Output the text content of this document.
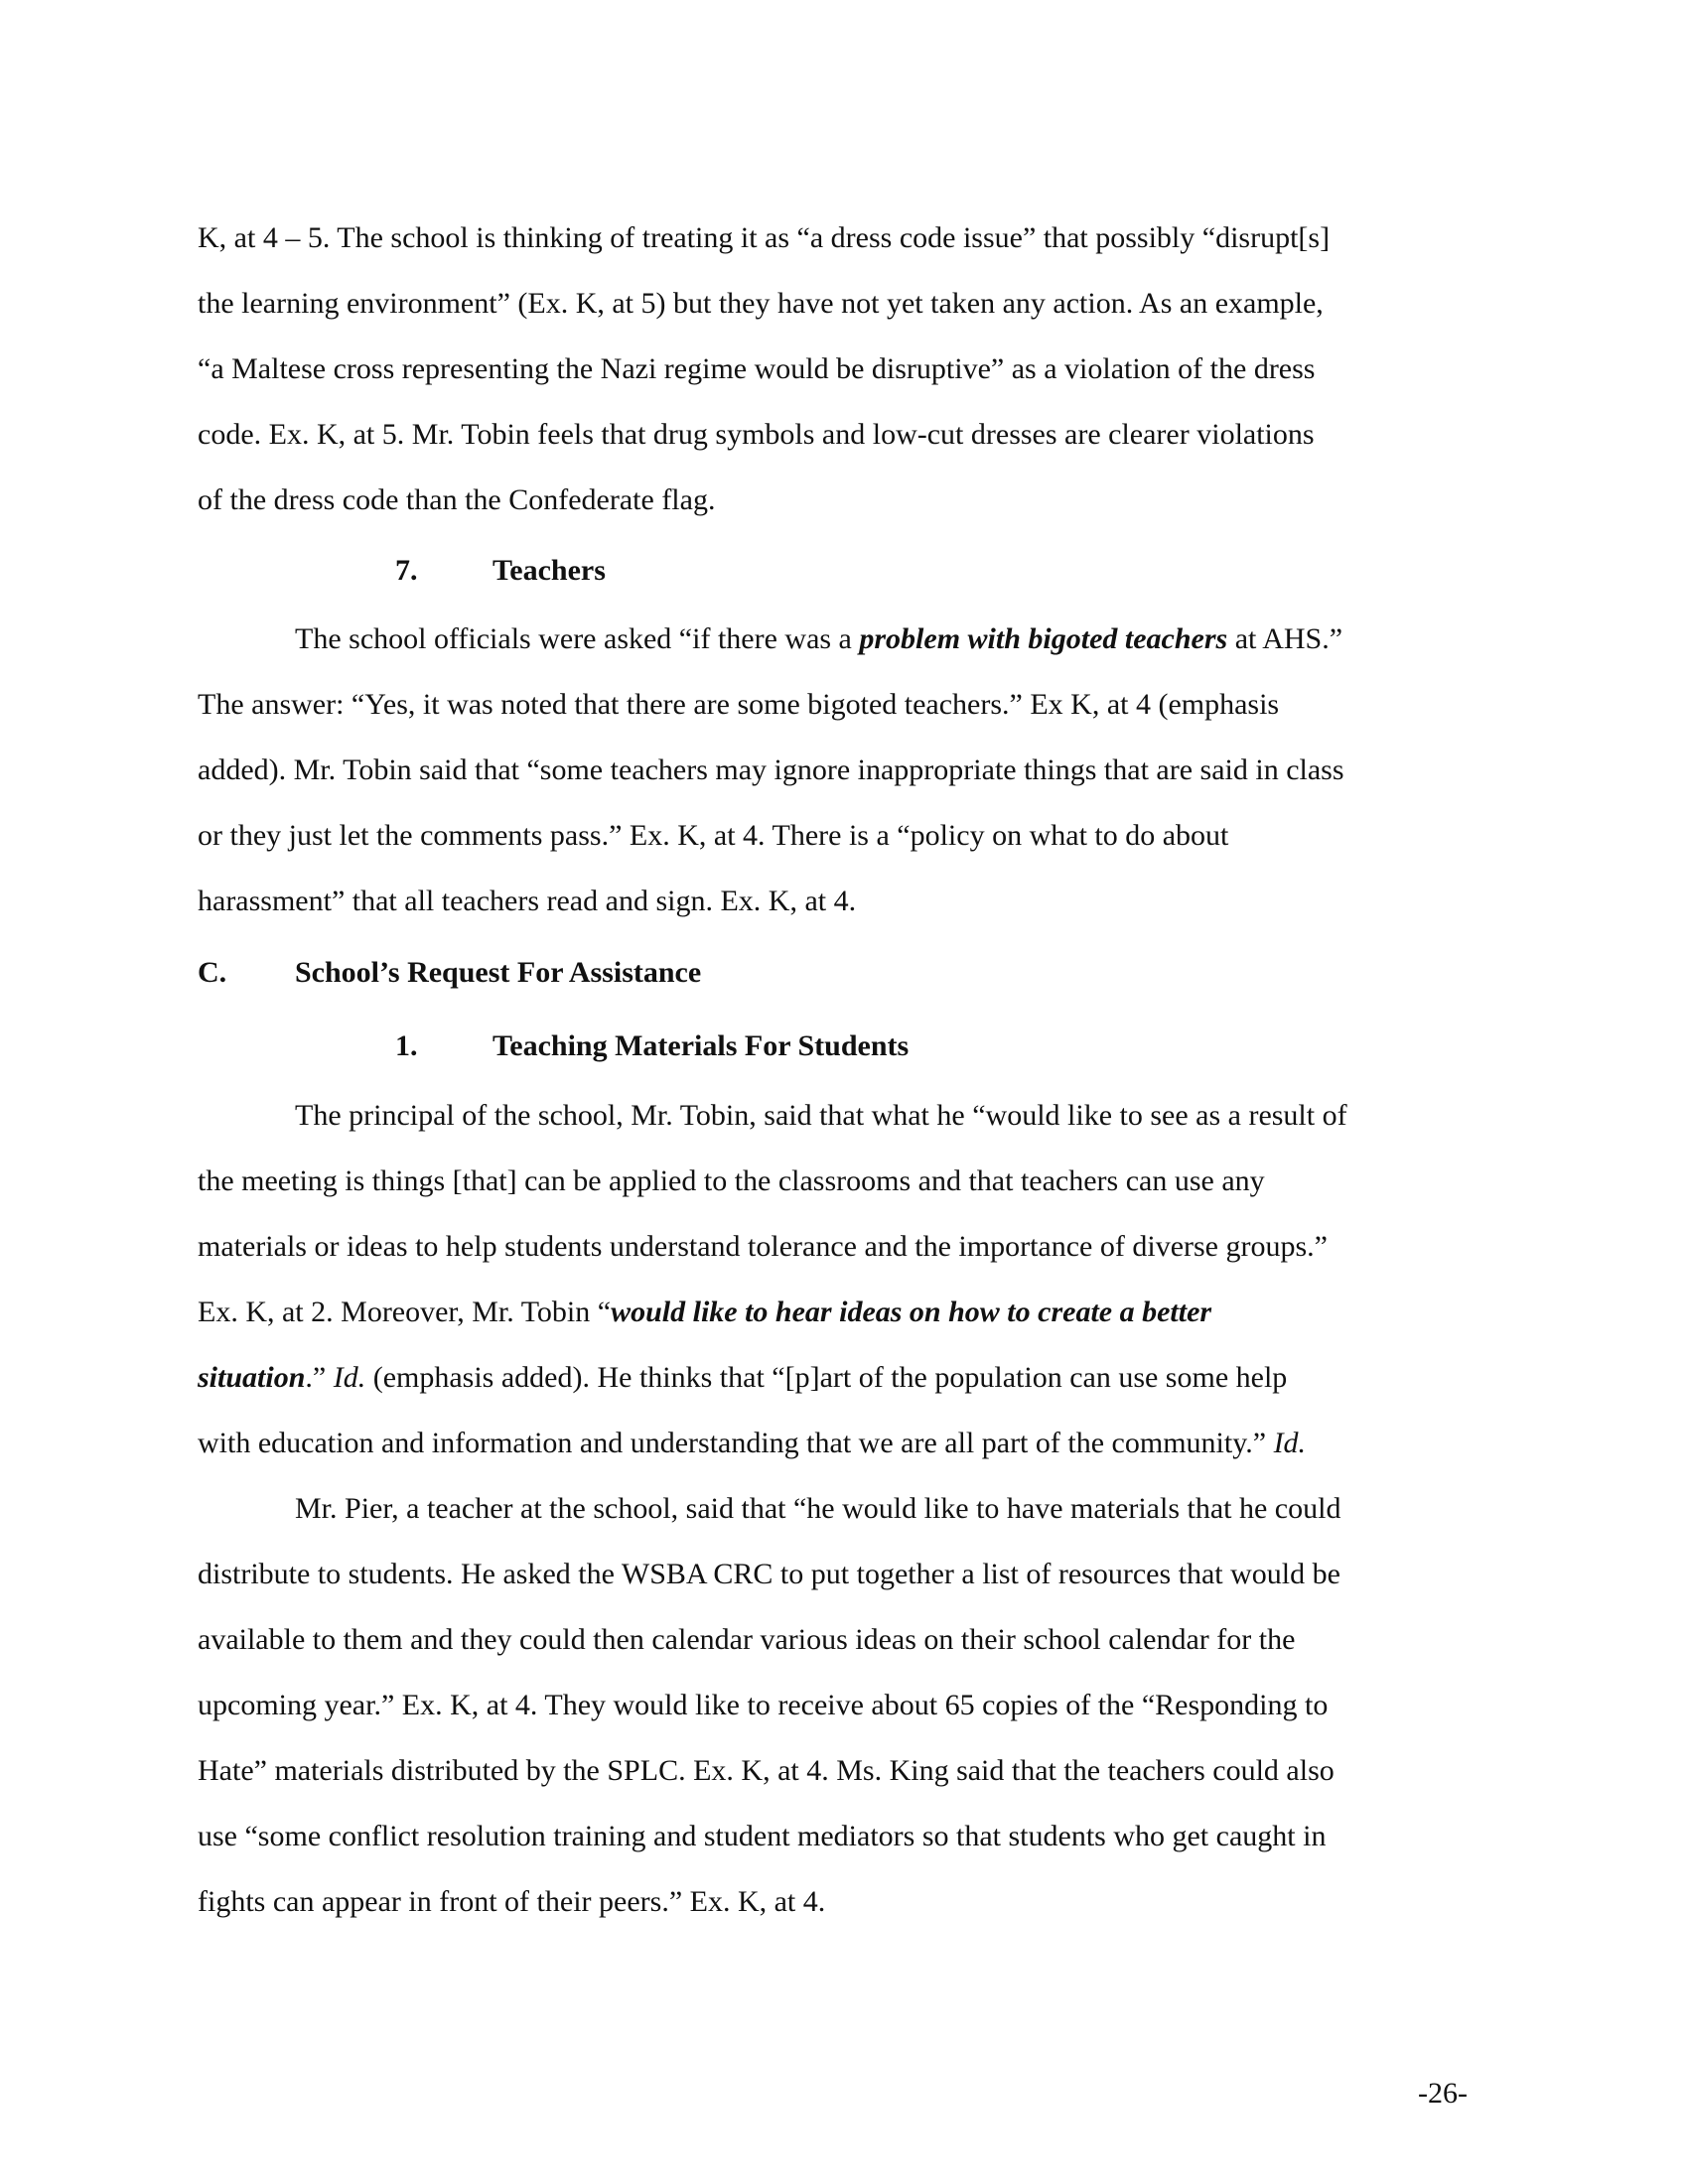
K, at 4 – 5. The school is thinking of treating it as “a dress code issue” that possibly “disrupt[s]
the learning environment” (Ex. K, at 5) but they have not yet taken any action. As an example,
“a Maltese cross representing the Nazi regime would be disruptive” as a violation of the dress
code. Ex. K, at 5. Mr. Tobin feels that drug symbols and low-cut dresses are clearer violations
of the dress code than the Confederate flag.
7.	Teachers
The school officials were asked “if there was a problem with bigoted teachers at AHS.”
The answer: “Yes, it was noted that there are some bigoted teachers.” Ex K, at 4 (emphasis
added). Mr. Tobin said that “some teachers may ignore inappropriate things that are said in class
or they just let the comments pass.” Ex. K, at 4. There is a “policy on what to do about
harassment” that all teachers read and sign. Ex. K, at 4.
C. School’s Request For Assistance
1.	Teaching Materials For Students
The principal of the school, Mr. Tobin, said that what he “would like to see as a result of
the meeting is things [that] can be applied to the classrooms and that teachers can use any
materials or ideas to help students understand tolerance and the importance of diverse groups.”
Ex. K, at 2. Moreover, Mr. Tobin “would like to hear ideas on how to create a better
situation.” Id. (emphasis added). He thinks that “[p]art of the population can use some help
with education and information and understanding that we are all part of the community.” Id.
Mr. Pier, a teacher at the school, said that “he would like to have materials that he could
distribute to students. He asked the WSBA CRC to put together a list of resources that would be
available to them and they could then calendar various ideas on their school calendar for the
upcoming year.” Ex. K, at 4. They would like to receive about 65 copies of the “Responding to
Hate” materials distributed by the SPLC. Ex. K, at 4. Ms. King said that the teachers could also
use “some conflict resolution training and student mediators so that students who get caught in
fights can appear in front of their peers.” Ex. K, at 4.
-26-
